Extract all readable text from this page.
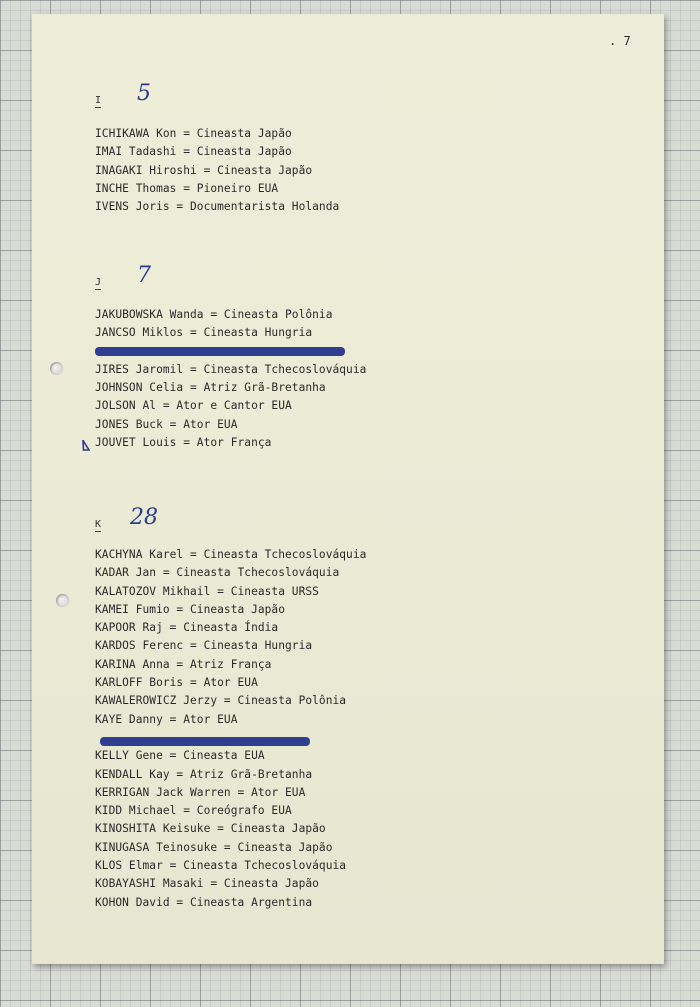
. 7
I 5
ICHIKAWA Kon = Cineasta Japão
IMAI Tadashi = Cineasta Japão
INAGAKI Hiroshi = Cineasta Japão
INCHE Thomas = Pioneiro EUA
IVENS Joris = Documentarista Holanda
J 7
JAKUBOWSKA Wanda = Cineasta Polônia
JANCSO Miklos = Cineasta Hungria
JIRES Jaromil = Cineasta Tchecoslováquia
JOHNSON Celia = Atriz Grã-Bretanha
JOLSON Al = Ator e Cantor EUA
JONES Buck = Ator EUA
JOUVET Louis = Ator França
K 28
KACHYNA Karel = Cineasta Tchecoslováquia
KADAR Jan = Cineasta Tchecoslováquia
KALATOZOV Mikhail = Cineasta URSS
KAMEI Fumio = Cineasta Japão
KAPOOR Raj = Cineasta Índia
KARDOS Ferenc = Cineasta Hungria
KARINA Anna = Atriz França
KARLOFF Boris = Ator EUA
KAWALEROWICZ Jerzy = Cineasta Polônia
KAYE Danny = Ator EUA
KELLY Gene = Cineasta EUA
KENDALL Kay = Atriz Grã-Bretanha
KERRIGAN Jack Warren = Ator EUA
KIDD Michael = Coreógrafo EUA
KINOSHITA Keisuke = Cineasta Japão
KINUGASA Teinosuke = Cineasta Japão
KLOS Elmar = Cineasta Tchecoslováquia
KOBAYASHI Masaki = Cineasta Japão
KOHON David = Cineasta Argentina
